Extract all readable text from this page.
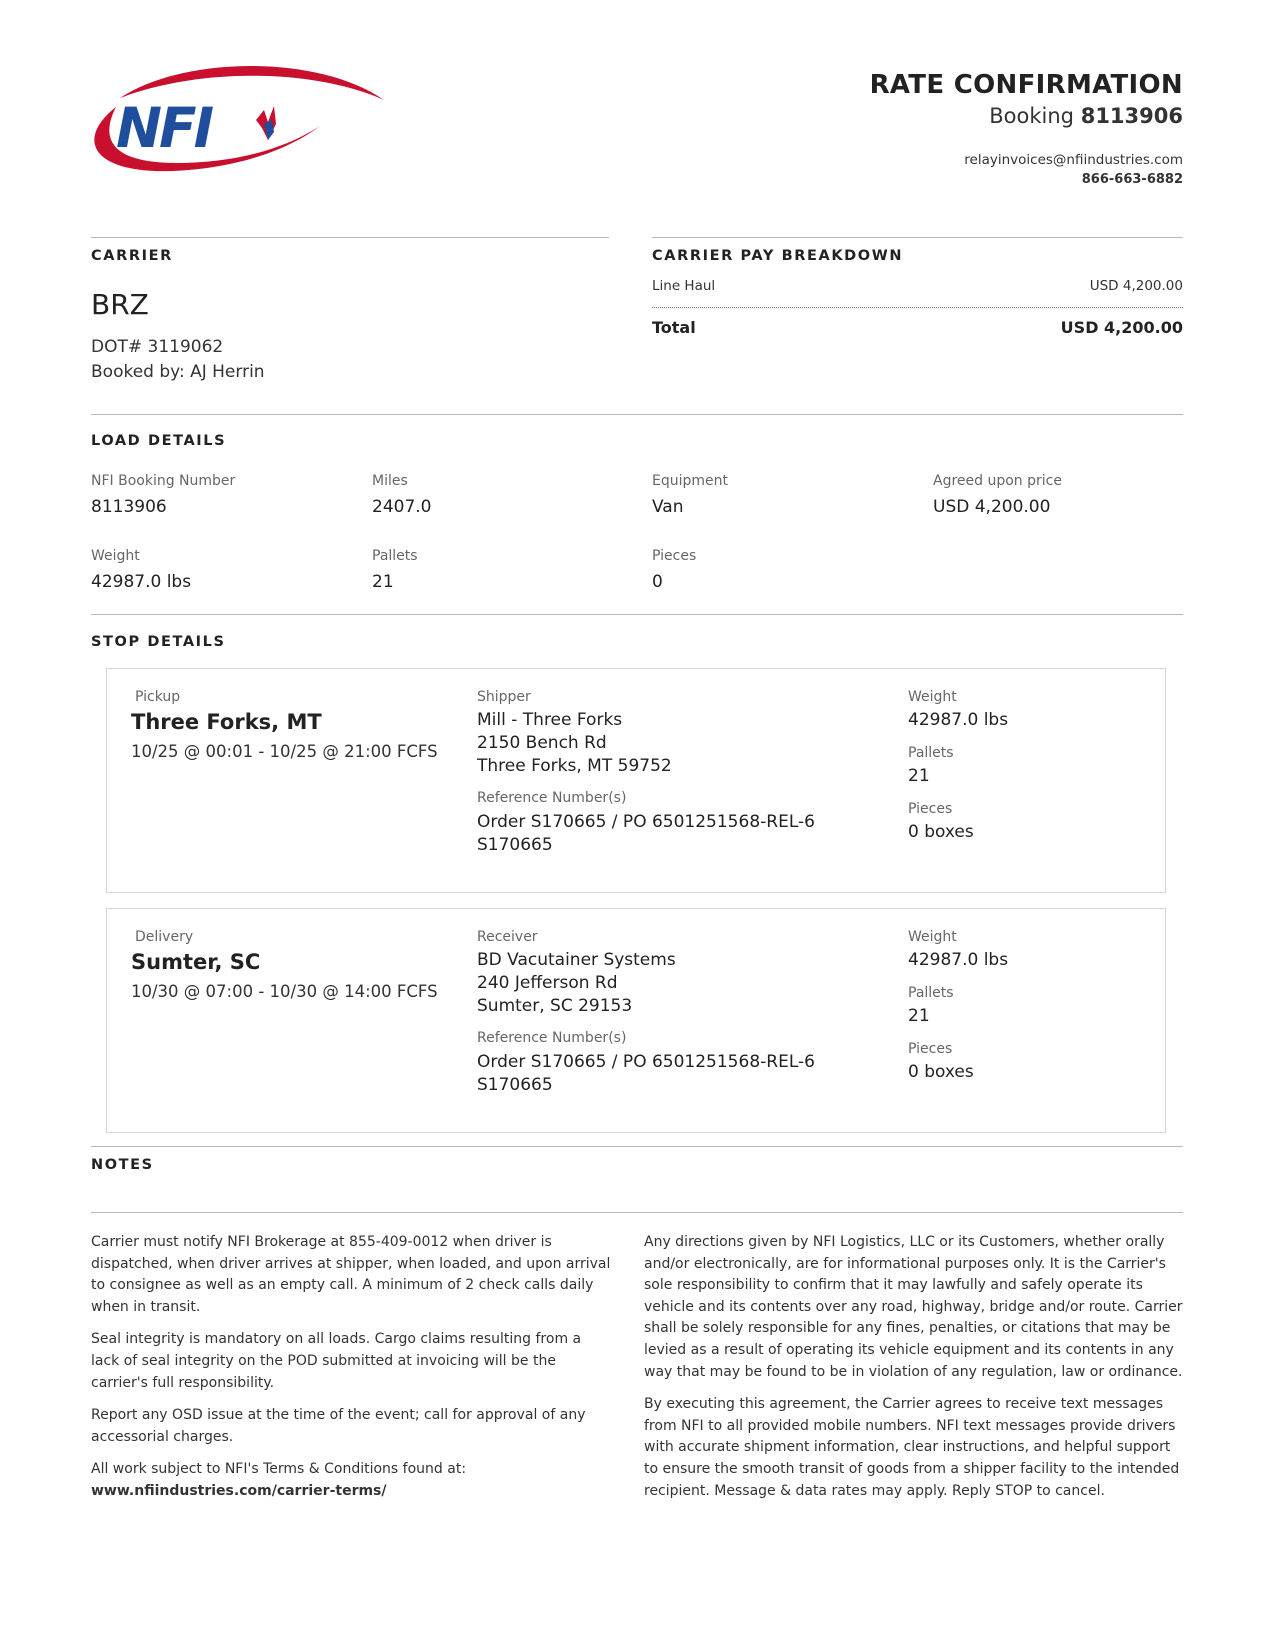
NFI
RATE CONFIRMATION
Booking 8113906
relayinvoices@nfiindustries.com
866-663-6882
CARRIER
BRZ
DOT# 3119062
Booked by: AJ Herrin
CARRIER PAY BREAKDOWN
Line Haul	USD 4,200.00
Total	USD 4,200.00
LOAD DETAILS
NFI Booking Number
8113906
Miles
2407.0
Equipment
Van
Agreed upon price
USD 4,200.00
Weight
42987.0 lbs
Pallets
21
Pieces
0
STOP DETAILS
Pickup
Three Forks, MT
10/25 @ 00:01 - 10/25 @ 21:00 FCFS
Shipper
Mill - Three Forks
2150 Bench Rd
Three Forks, MT 59752
Reference Number(s)
Order S170665 / PO 6501251568-REL-6
S170665
Weight
42987.0 lbs
Pallets
21
Pieces
0 boxes
Delivery
Sumter, SC
10/30 @ 07:00 - 10/30 @ 14:00 FCFS
Receiver
BD Vacutainer Systems
240 Jefferson Rd
Sumter, SC 29153
Reference Number(s)
Order S170665 / PO 6501251568-REL-6
S170665
Weight
42987.0 lbs
Pallets
21
Pieces
0 boxes
NOTES

Carrier must notify NFI Brokerage at 855-409-0012 when driver is dispatched, when driver arrives at shipper, when loaded, and upon arrival to consignee as well as an empty call. A minimum of 2 check calls daily when in transit.

Seal integrity is mandatory on all loads. Cargo claims resulting from a lack of seal integrity on the POD submitted at invoicing will be the carrier's full responsibility.

Report any OSD issue at the time of the event; call for approval of any accessorial charges.

All work subject to NFI's Terms & Conditions found at:
www.nfiindustries.com/carrier-terms/

Any directions given by NFI Logistics, LLC or its Customers, whether orally and/or electronically, are for informational purposes only. It is the Carrier's sole responsibility to confirm that it may lawfully and safely operate its vehicle and its contents over any road, highway, bridge and/or route. Carrier shall be solely responsible for any fines, penalties, or citations that may be levied as a result of operating its vehicle equipment and its contents in any way that may be found to be in violation of any regulation, law or ordinance.

By executing this agreement, the Carrier agrees to receive text messages from NFI to all provided mobile numbers. NFI text messages provide drivers with accurate shipment information, clear instructions, and helpful support to ensure the smooth transit of goods from a shipper facility to the intended recipient. Message & data rates may apply. Reply STOP to cancel.
